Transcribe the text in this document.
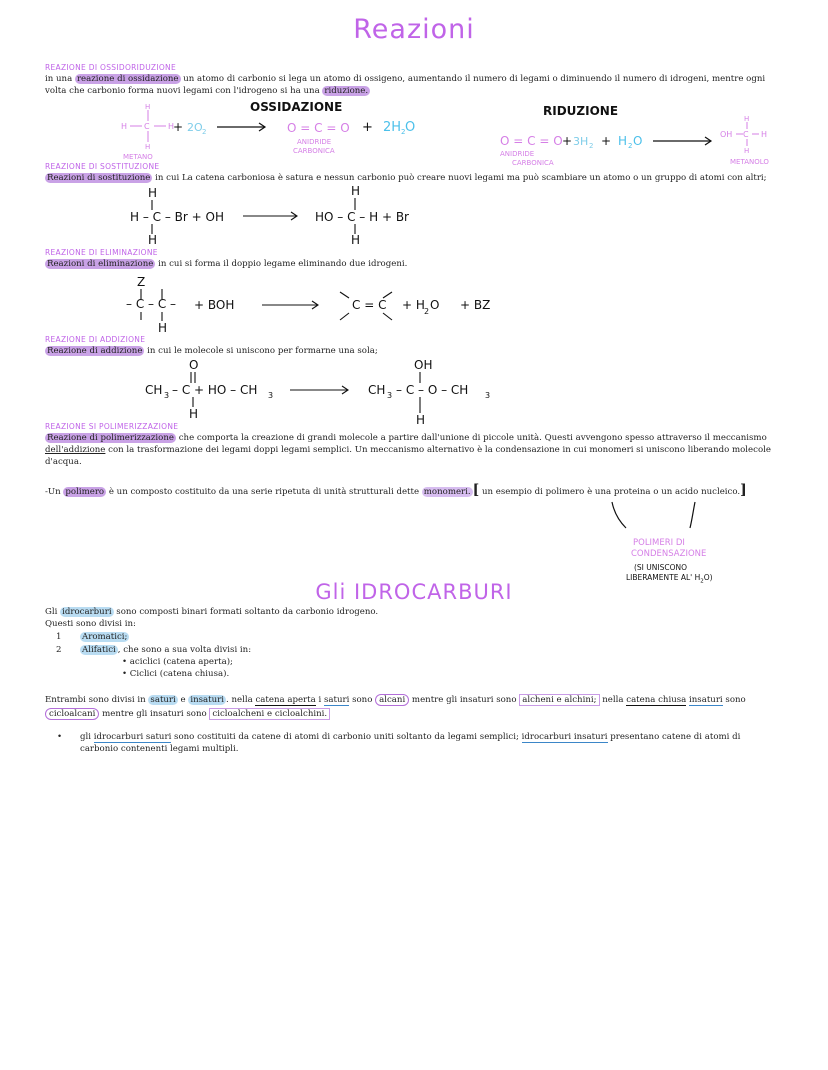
Reazioni
REAZIONE DI OSSIDORIDUZIONE
in una reazione di ossidazione un atomo di carbonio si lega un atomo di ossigeno, aumentando il numero di legami o diminuendo il numero di idrogeni, mentre ogni volta che carbonio forma nuovi legami con l'idrogeno si ha una riduzione.
OSSIDAZIONE
H
H C H
H
METANO
+ 2O 2	O = C = O
ANIDRIDE
CARBONICA
+ 2H 2 O
RIDUZIONE
O = C = O
ANIDRIDE
CARBONICA
+ 3H 2 + H 2 O
H
OH C H
H
METANOLO
REAZIONE DI SOSTITUZIONE
Reazioni di sostituzione in cui La catena carboniosa è satura e nessun carbonio può creare nuovi legami ma può scambiare un atomo o un gruppo di atomi con altri;
H
H – C – Br + OH
H
H
HO – C – H + Br
H
REAZIONE DI ELIMINAZIONE
Reazioni di eliminazione in cui si forma il doppio legame eliminando due idrogeni.
Z
– C – C –
H
+ BOH	C = C + H 2 O + BZ
REAZIONE DI ADDIZIONE
Reazione di addizione in cui le molecole si uniscono per formarne una sola;
O
CH 3 – C + HO – CH 3
H
OH
CH 3 – C – O – CH 3
H
REAZIONE SI POLIMERIZZAZIONE
Reazione di polimerizzazione che comporta la creazione di grandi molecole a partire dall'unione di piccole unità. Questi avvengono spesso attraverso il meccanismo dell'addizione con la trasformazione dei legami doppi legami semplici. Un meccanismo alternativo è la condensazione in cui monomeri si uniscono liberando molecole d'acqua.
-Un polimero è un composto costituito da una serie ripetuta di unità strutturali dette monomeri. [ un esempio di polimero è una proteina o un acido nucleico.]
POLIMERI DI
CONDENSAZIONE
(SI UNISCONO
LIBERAMENTE AL' $H_2O$)
Gli IDROCARBURI
Gli idrocarburi sono composti binari formati soltanto da carbonio idrogeno.
Questi sono divisi in:
1 Aromatici;
2 Alifatici , che sono a sua volta divisi in:
• aciclici (catena aperta);
• Ciclici (catena chiusa).
Entrambi sono divisi in saturi e insaturi . nella catena aperta i saturi sono alcani mentre gli insaturi sono alcheni e alchini; nella catena chiusa insaturi sono cicloalcani mentre gli insaturi sono cicloalcheni e cicloalchini.
• gli idrocarburi saturi sono costituiti da catene di atomi di carbonio uniti soltanto da legami semplici; idrocarburi insaturi presentano catene di atomi di carbonio contenenti legami multipli.
